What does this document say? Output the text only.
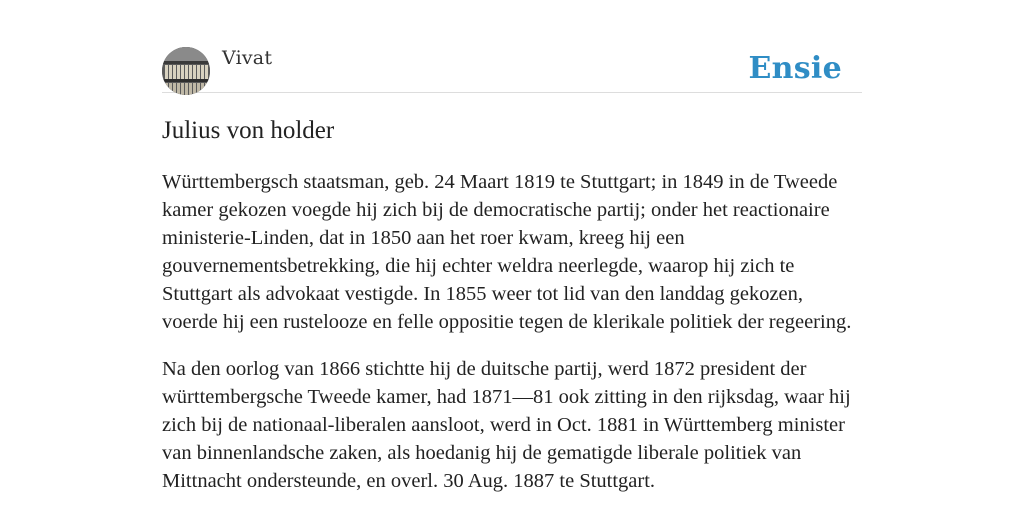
Vivat	Ensie
Julius von holder

Württembergsch staatsman, geb. 24 Maart 1819 te Stuttgart; in 1849 in de Tweede kamer gekozen voegde hij zich bij de democratische partij; onder het reactionaire ministerie-Linden, dat in 1850 aan het roer kwam, kreeg hij een gouvernementsbetrekking, die hij echter weldra neerlegde, waarop hij zich te Stuttgart als advokaat vestigde. In 1855 weer tot lid van den landdag gekozen, voerde hij een rustelooze en felle oppositie tegen de klerikale politiek der regeering.

Na den oorlog van 1866 stichtte hij de duitsche partij, werd 1872 president der württembergsche Tweede kamer, had 1871—81 ook zitting in den rijksdag, waar hij zich bij de nationaal-liberalen aansloot, werd in Oct. 1881 in Württemberg minister van binnenlandsche zaken, als hoedanig hij de gematigde liberale politiek van Mittnacht ondersteunde, en overl. 30 Aug. 1887 te Stuttgart.
